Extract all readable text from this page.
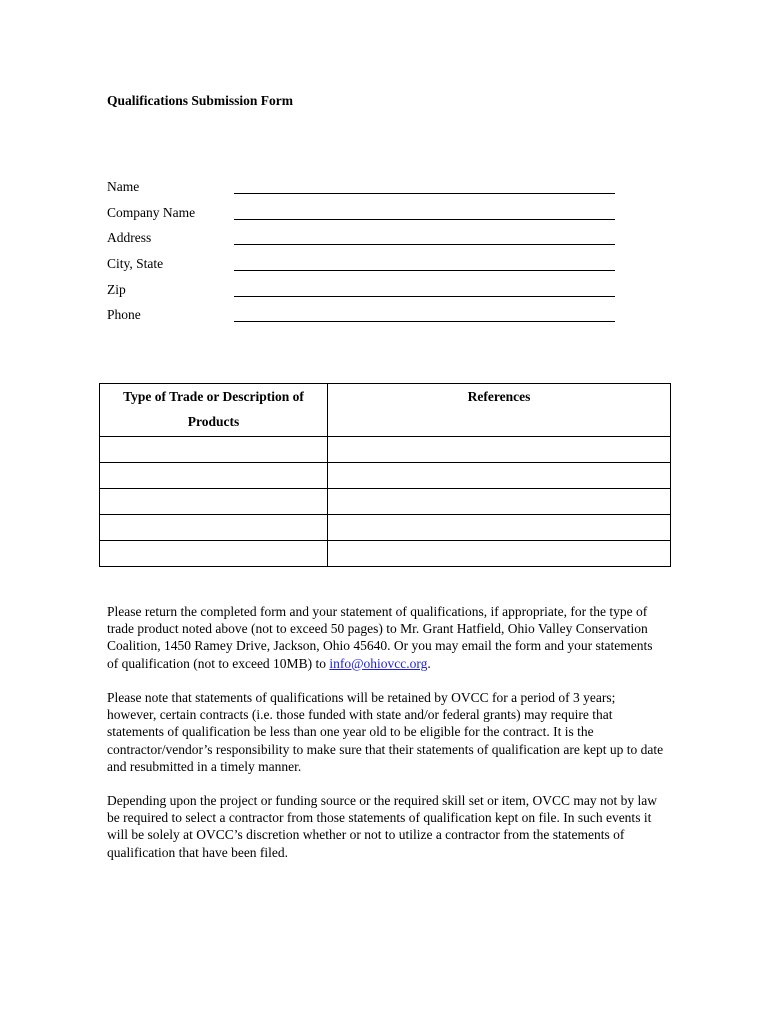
Qualifications Submission Form
Name
Company Name
Address
City, State
Zip
Phone
Type of Trade or Description of Products	References

Please return the completed form and your statement of qualifications, if appropriate, for the type of trade product noted above (not to exceed 50 pages) to Mr. Grant Hatfield, Ohio Valley Conservation Coalition, 1450 Ramey Drive, Jackson, Ohio 45640. Or you may email the form and your statements of qualification (not to exceed 10MB) to info@ohiovcc.org.
Please note that statements of qualifications will be retained by OVCC for a period of 3 years; however, certain contracts (i.e. those funded with state and/or federal grants) may require that statements of qualification be less than one year old to be eligible for the contract. It is the contractor/vendor’s responsibility to make sure that their statements of qualification are kept up to date and resubmitted in a timely manner.
Depending upon the project or funding source or the required skill set or item, OVCC may not by law be required to select a contractor from those statements of qualification kept on file. In such events it will be solely at OVCC’s discretion whether or not to utilize a contractor from the statements of qualification that have been filed.
